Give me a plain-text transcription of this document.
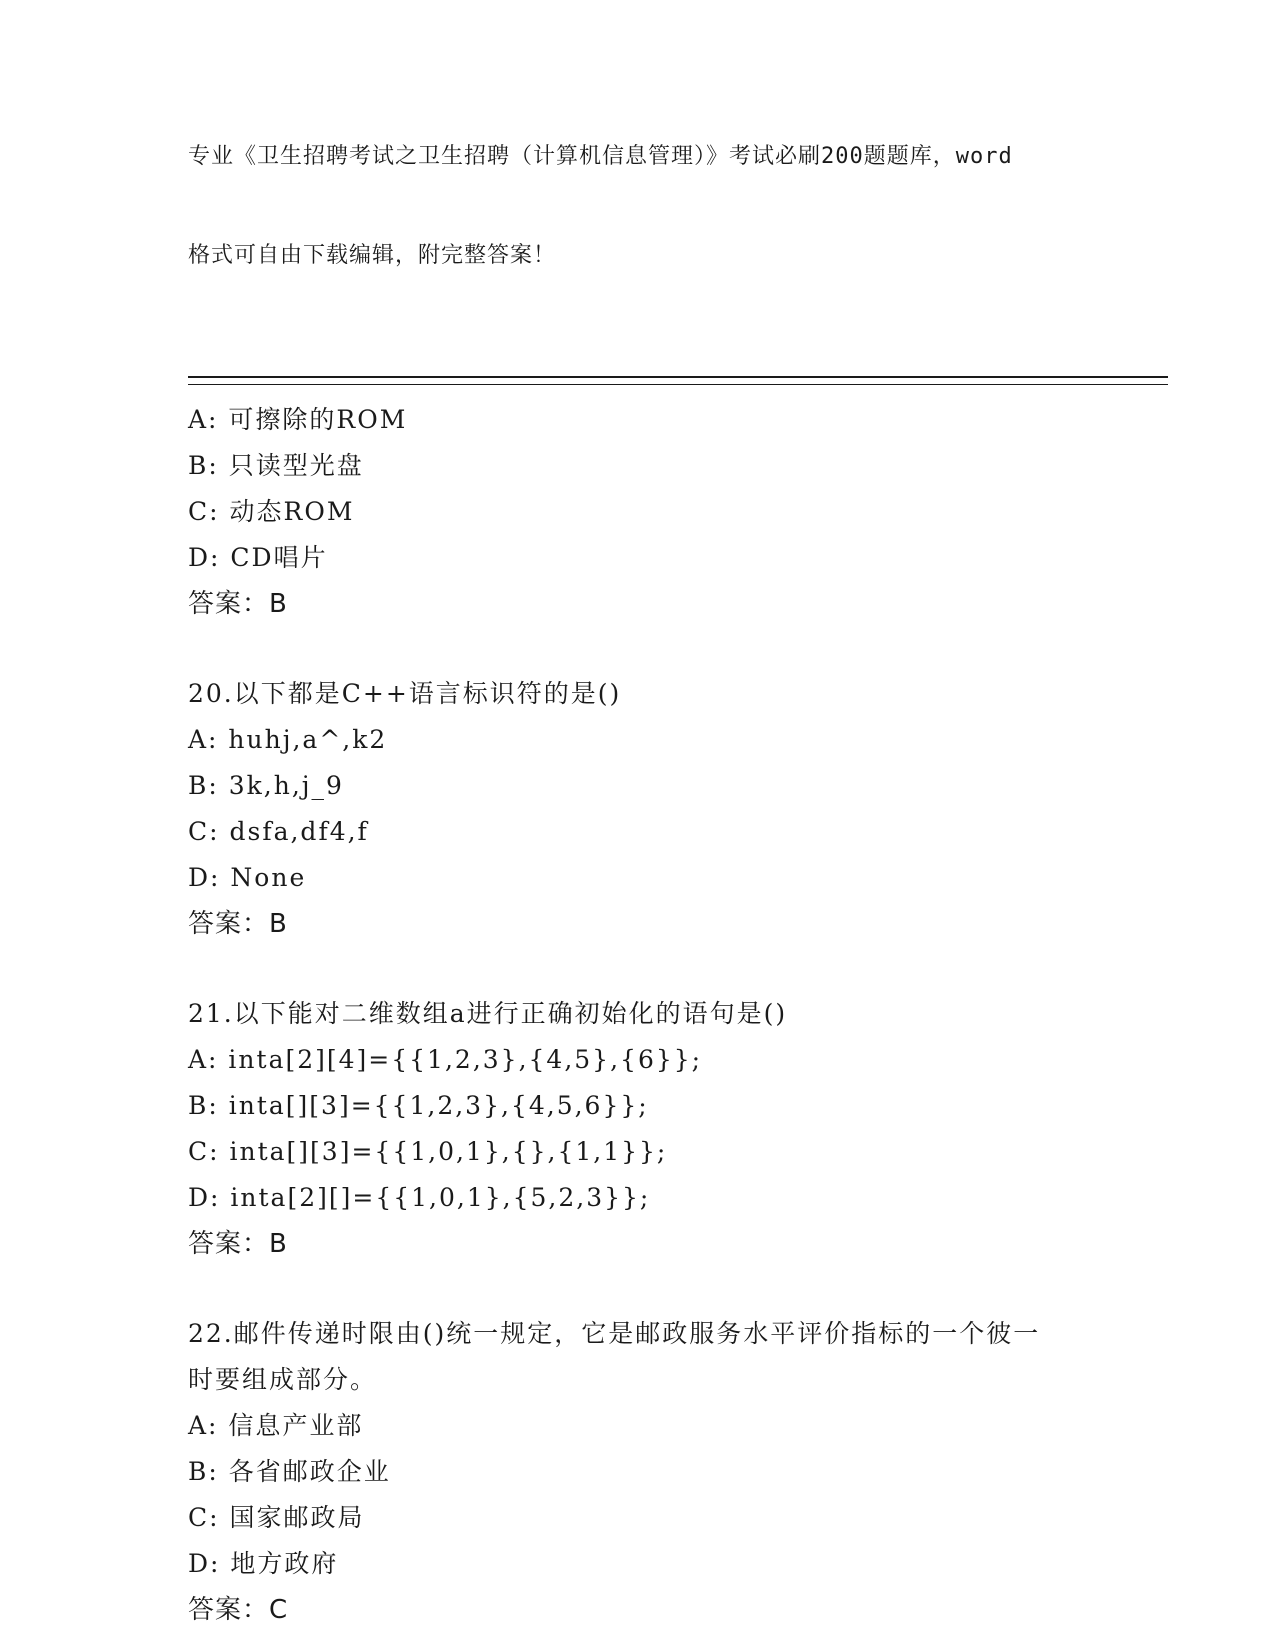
专业《卫生招聘考试之卫生招聘（计算机信息管理）》考试必刷200题题库，word

格式可自由下载编辑，附完整答案！

A: 可擦除的ROM
B: 只读型光盘
C: 动态ROM
D: CD唱片
答案：B
20.以下都是C++语言标识符的是()
A: huhj,a^,k2
B: 3k,h,j_9
C: dsfa,df4,f
D: None
答案：B
21.以下能对二维数组a进行正确初始化的语句是()
A: inta[2][4]={{1,2,3},{4,5},{6}};
B: inta[][3]={{1,2,3},{4,5,6}};
C: inta[][3]={{1,0,1},{},{1,1}};
D: inta[2][]={{1,0,1},{5,2,3}};
答案：B
22.邮件传递时限由()统一规定，它是邮政服务水平评价指标的一个彼一时要组成部分。
A: 信息产业部
B: 各省邮政企业
C: 国家邮政局
D: 地方政府
答案：C
